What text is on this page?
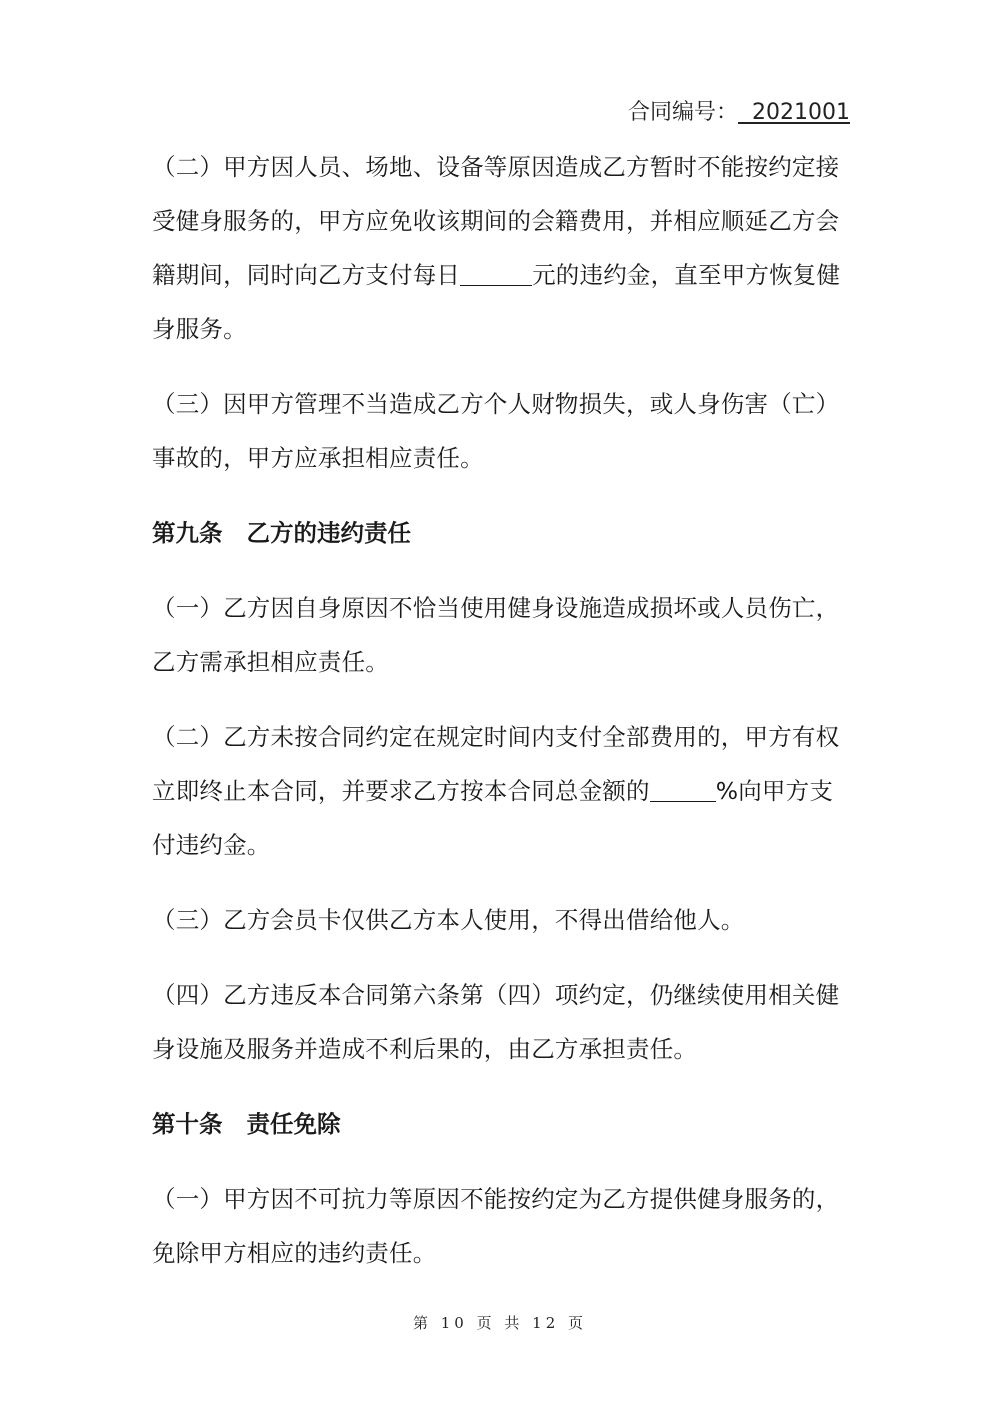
合同编号： 2021001

（二）甲方因人员、场地、设备等原因造成乙方暂时不能按约定接受健身服务的，甲方应免收该期间的会籍费用，并相应顺延乙方会籍期间，同时向乙方支付每日	元的违约金，直至甲方恢复健身服务。

（三）因甲方管理不当造成乙方个人财物损失，或人身伤害（亡）事故的，甲方应承担相应责任。

第九条 乙方的违约责任

（一）乙方因自身原因不恰当使用健身设施造成损坏或人员伤亡，乙方需承担相应责任。

（二）乙方未按合同约定在规定时间内支付全部费用的，甲方有权立即终止本合同，并要求乙方按本合同总金额的	%向甲方支付违约金。

（三）乙方会员卡仅供乙方本人使用，不得出借给他人。

（四）乙方违反本合同第六条第（四）项约定，仍继续使用相关健身设施及服务并造成不利后果的，由乙方承担责任。

第十条 责任免除

（一）甲方因不可抗力等原因不能按约定为乙方提供健身服务的，免除甲方相应的违约责任。

第 10 页 共 12 页
